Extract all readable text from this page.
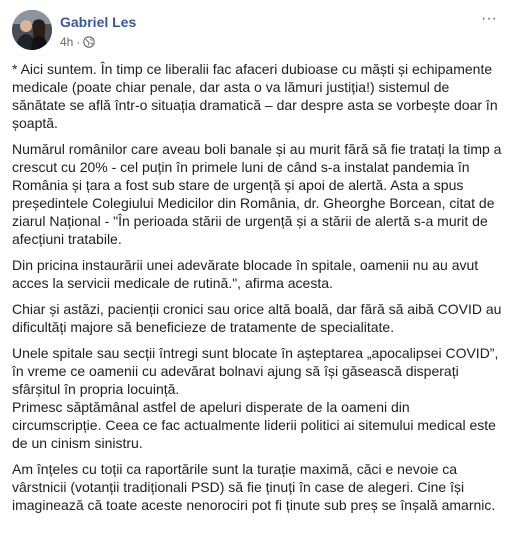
Gabriel Les
4h ·
···

* Aici suntem. În timp ce liberalii fac afaceri dubioase cu măști și echipamente medicale (poate chiar penale, dar asta o va lămuri justiția!) sistemul de sănătate se află într-o situația dramatică – dar despre asta se vorbește doar în șoaptă.

Numărul românilor care aveau boli banale și au murit fără să fie tratați la timp a crescut cu 20% - cel puțin în primele luni de când s-a instalat pandemia în România și țara a fost sub stare de urgență și apoi de alertă. Asta a spus președintele Colegiului Medicilor din România, dr. Gheorghe Borcean, citat de ziarul Național - "În perioada stării de urgență și a stării de alertă s-a murit de afecțiuni tratabile.

Din pricina instaurării unei adevărate blocade în spitale, oamenii nu au avut acces la servicii medicale de rutină.", afirma acesta.

Chiar și astăzi, pacienții cronici sau orice altă boală, dar fără să aibă COVID au dificultăți majore să beneficieze de tratamente de specialitate.

Unele spitale sau secții întregi sunt blocate în așteptarea „apocalipsei COVID”, în vreme ce oamenii cu adevărat bolnavi ajung să își găsească disperați sfârșitul în propria locuință.
Primesc săptămânal astfel de apeluri disperate de la oameni din circumscripție. Ceea ce fac actualmente liderii politici ai sitemului medical este de un cinism sinistru.

Am înțeles cu toții ca raportările sunt la turație maximă, căci e nevoie ca vârstnicii (votanții tradiționali PSD) să fie ținuți în case de alegeri. Cine își imaginează că toate aceste nenorociri pot fi ținute sub preș se înșală amarnic.
